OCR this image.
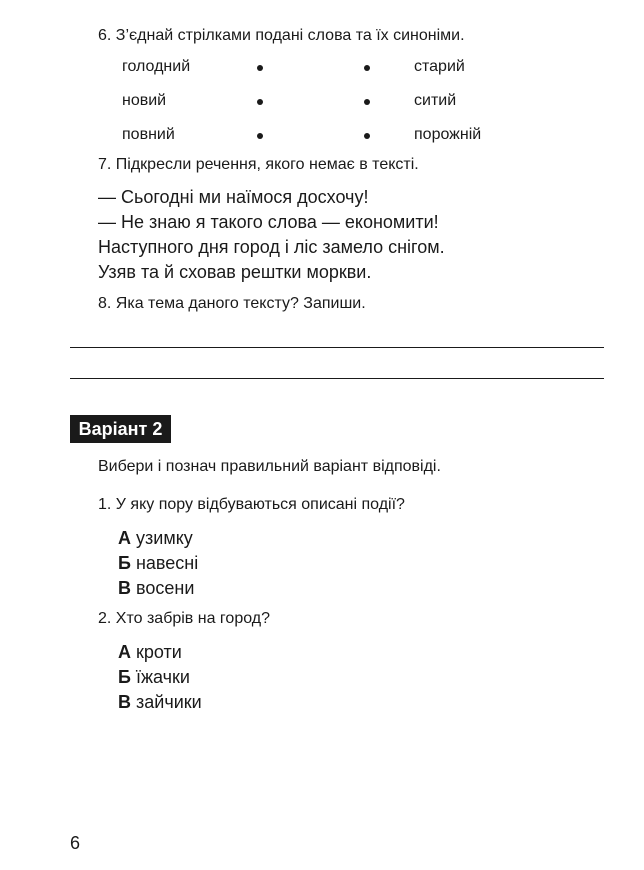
6. З’єднай стрілками подані слова та їх синоніми.
голодний
новий
повний
старий
ситий
порожній
7. Підкресли речення, якого немає в тексті.
— Сьогодні ми наїмося досхочу!
— Не знаю я такого слова — економити!
Наступного дня город і ліс замело снігом.
Узяв та й сховав рештки моркви.
8. Яка тема даного тексту? Запиши.
Варіант 2
Вибери і познач правильний варіант відповіді.
1. У яку пору відбуваються описані події?
А узимку
Б навесні
В восени
2. Хто забрів на город?
А кроти
Б їжачки
В зайчики
6
